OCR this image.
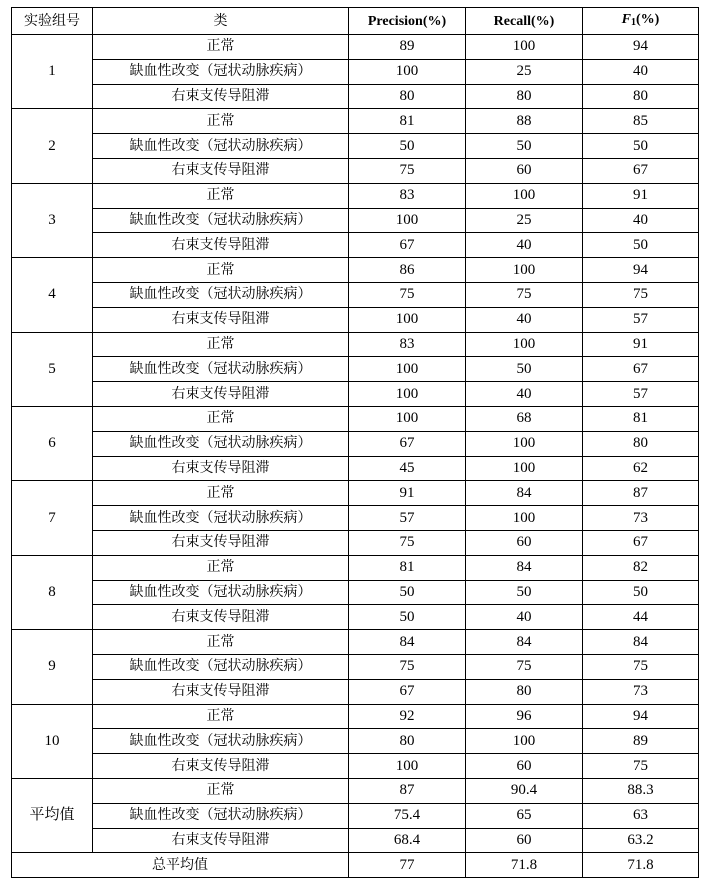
实验组号	类	Precision(%)	Recall(%)	F1(%)
1	正常	89	100	94
	缺血性改变（冠状动脉疾病）	100	25	40
	右束支传导阻滞	80	80	80
2	正常	81	88	85
	缺血性改变（冠状动脉疾病）	50	50	50
	右束支传导阻滞	75	60	67
3	正常	83	100	91
	缺血性改变（冠状动脉疾病）	100	25	40
	右束支传导阻滞	67	40	50
4	正常	86	100	94
	缺血性改变（冠状动脉疾病）	75	75	75
	右束支传导阻滞	100	40	57
5	正常	83	100	91
	缺血性改变（冠状动脉疾病）	100	50	67
	右束支传导阻滞	100	40	57
6	正常	100	68	81
	缺血性改变（冠状动脉疾病）	67	100	80
	右束支传导阻滞	45	100	62
7	正常	91	84	87
	缺血性改变（冠状动脉疾病）	57	100	73
	右束支传导阻滞	75	60	67
8	正常	81	84	82
	缺血性改变（冠状动脉疾病）	50	50	50
	右束支传导阻滞	50	40	44
9	正常	84	84	84
	缺血性改变（冠状动脉疾病）	75	75	75
	右束支传导阻滞	67	80	73
10	正常	92	96	94
	缺血性改变（冠状动脉疾病）	80	100	89
	右束支传导阻滞	100	60	75
平均值	正常	87	90.4	88.3
	缺血性改变（冠状动脉疾病）	75.4	65	63
	右束支传导阻滞	68.4	60	63.2
总平均值		77	71.8	71.8
